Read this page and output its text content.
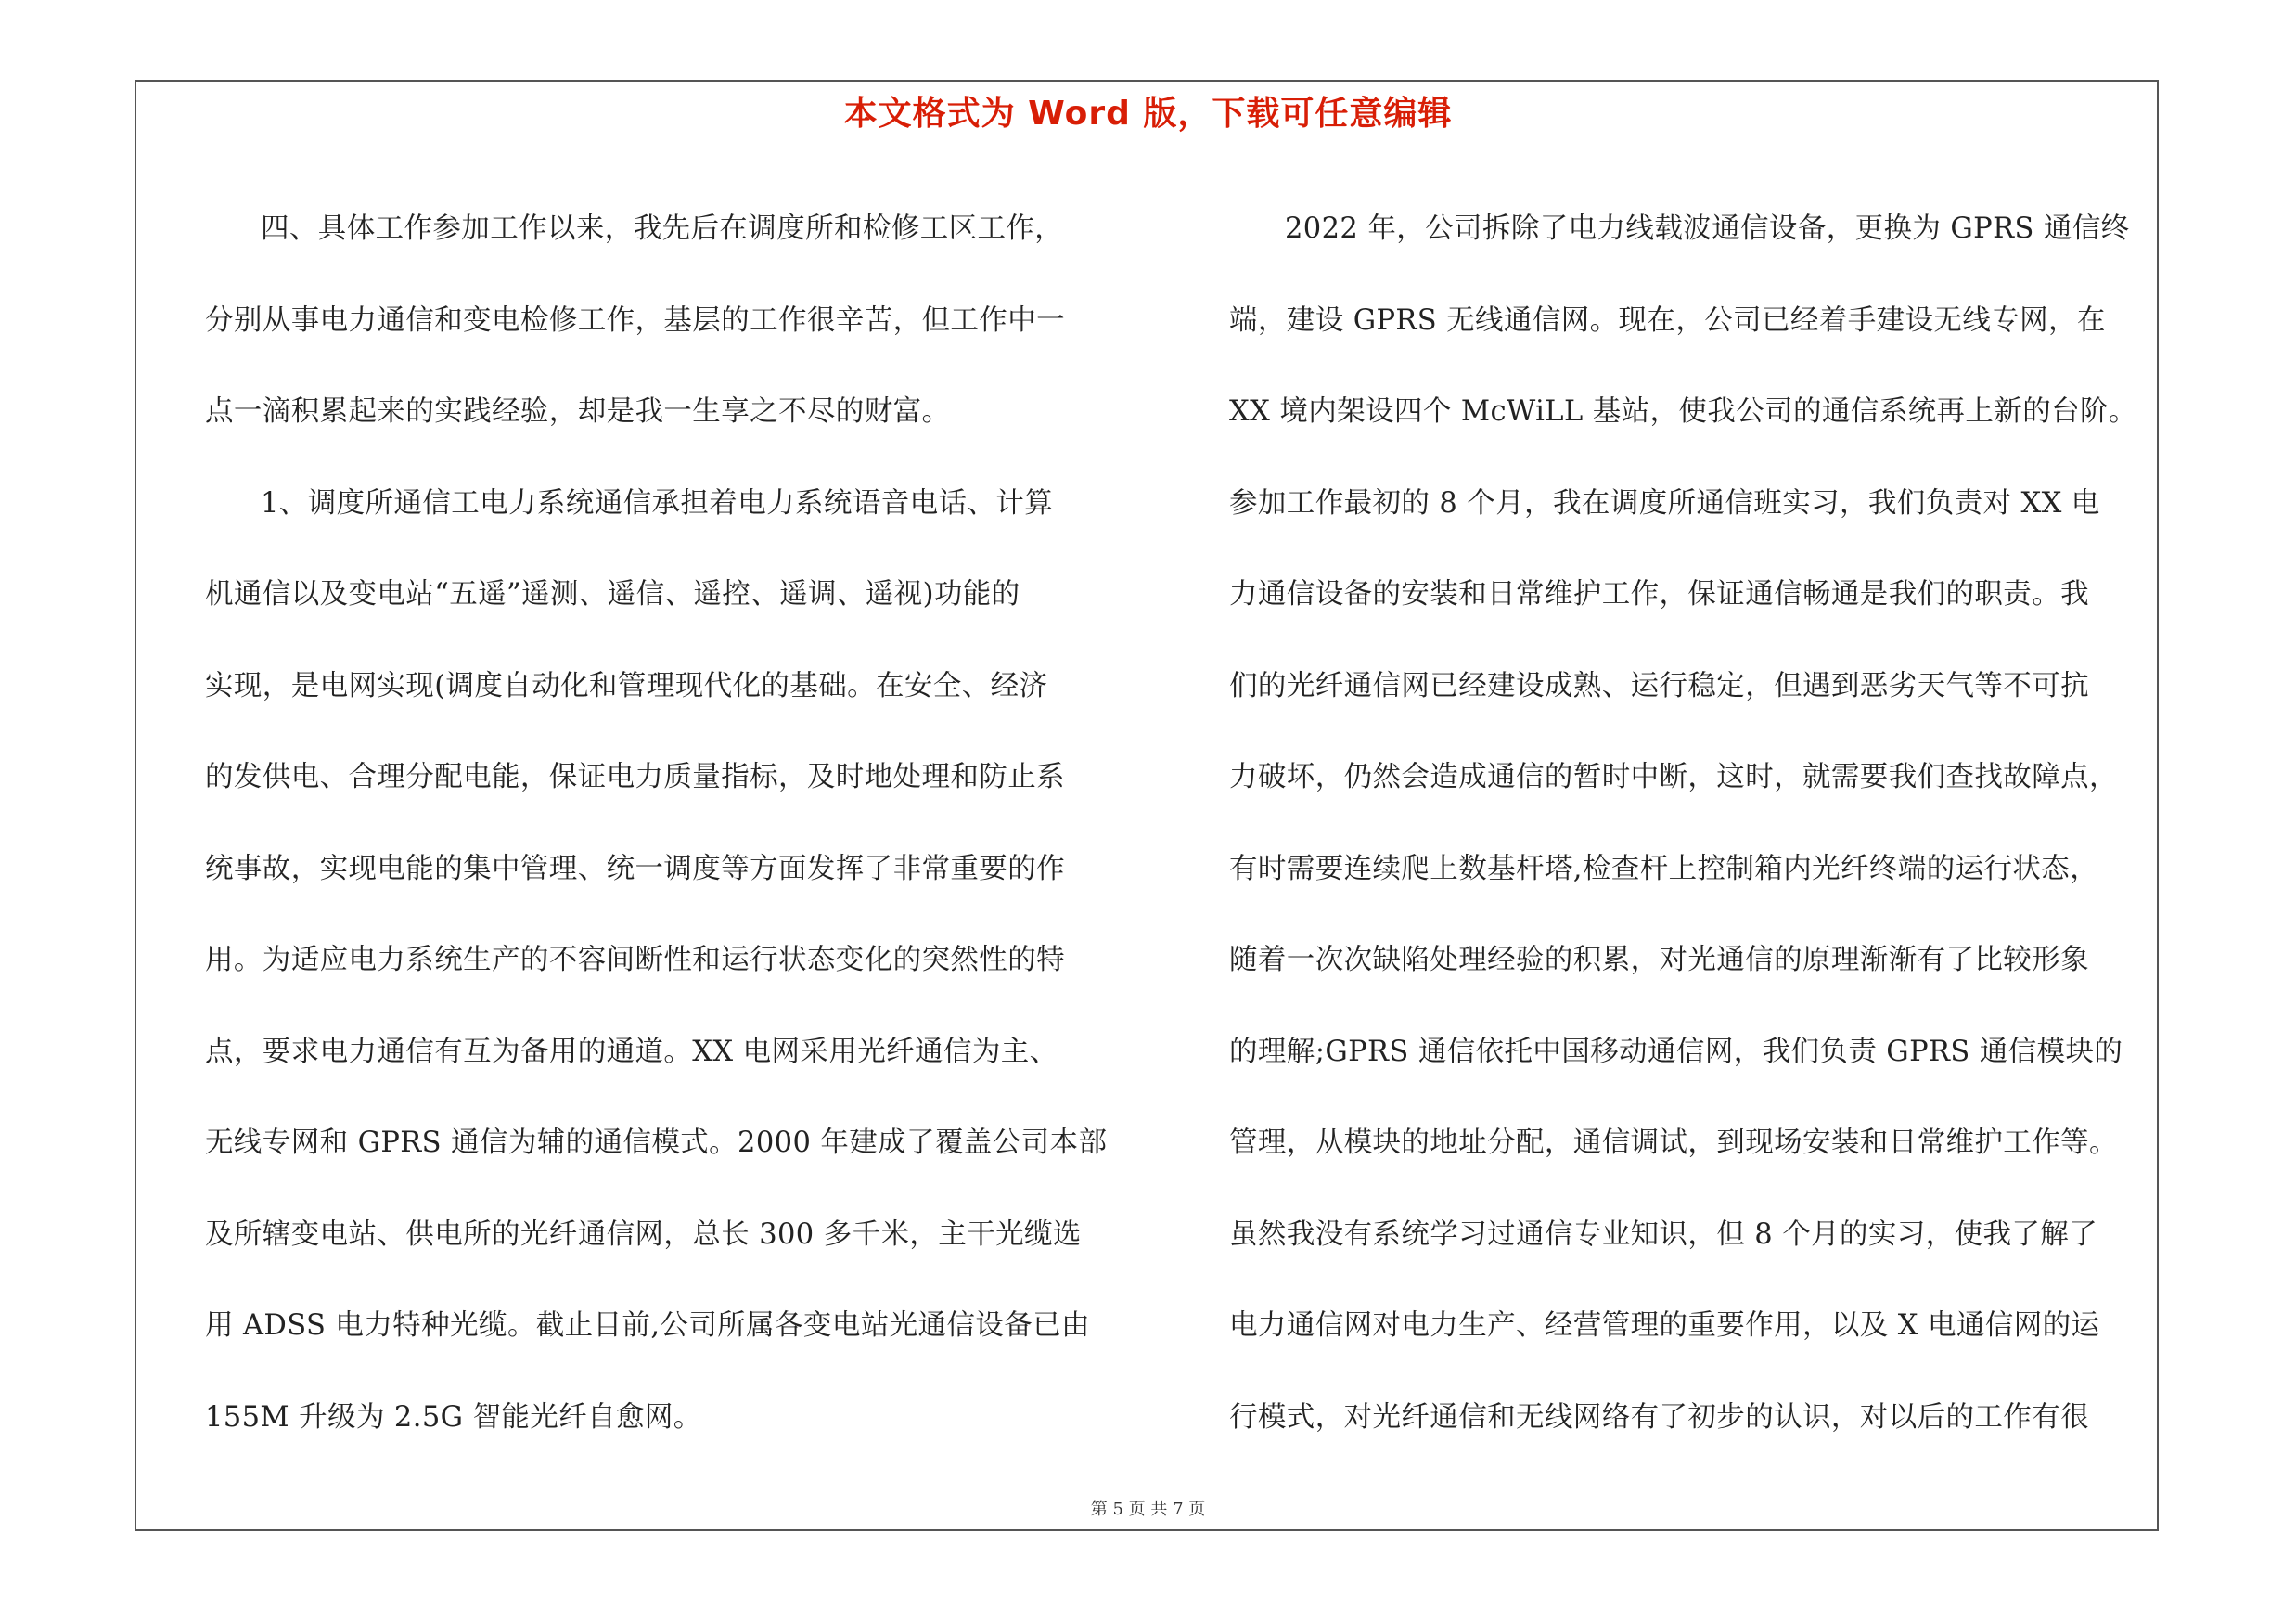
本文格式为 Word 版，下载可任意编辑
四、具体工作参加工作以来，我先后在调度所和检修工区工作，
分别从事电力通信和变电检修工作，基层的工作很辛苦，但工作中一
点一滴积累起来的实践经验，却是我一生享之不尽的财富。
1、调度所通信工电力系统通信承担着电力系统语音电话、计算
机通信以及变电站“五遥”遥测、遥信、遥控、遥调、遥视)功能的
实现，是电网实现(调度自动化和管理现代化的基础。在安全、经济
的发供电、合理分配电能，保证电力质量指标，及时地处理和防止系
统事故，实现电能的集中管理、统一调度等方面发挥了非常重要的作
用。为适应电力系统生产的不容间断性和运行状态变化的突然性的特
点，要求电力通信有互为备用的通道。XX 电网采用光纤通信为主、
无线专网和 GPRS 通信为辅的通信模式。2000 年建成了覆盖公司本部
及所辖变电站、供电所的光纤通信网，总长 300 多千米，主干光缆选
用 ADSS 电力特种光缆。截止目前,公司所属各变电站光通信设备已由
155M 升级为 2.5G 智能光纤自愈网。
2022 年，公司拆除了电力线载波通信设备，更换为 GPRS 通信终
端，建设 GPRS 无线通信网。现在，公司已经着手建设无线专网，在
XX 境内架设四个 McWiLL 基站，使我公司的通信系统再上新的台阶。
参加工作最初的 8 个月，我在调度所通信班实习，我们负责对 XX 电
力通信设备的安装和日常维护工作，保证通信畅通是我们的职责。我
们的光纤通信网已经建设成熟、运行稳定，但遇到恶劣天气等不可抗
力破坏，仍然会造成通信的暂时中断，这时，就需要我们查找故障点，
有时需要连续爬上数基杆塔,检查杆上控制箱内光纤终端的运行状态，
随着一次次缺陷处理经验的积累，对光通信的原理渐渐有了比较形象
的理解;GPRS 通信依托中国移动通信网，我们负责 GPRS 通信模块的
管理，从模块的地址分配，通信调试，到现场安装和日常维护工作等。
虽然我没有系统学习过通信专业知识，但 8 个月的实习，使我了解了
电力通信网对电力生产、经营管理的重要作用，以及 X 电通信网的运
行模式，对光纤通信和无线网络有了初步的认识，对以后的工作有很
第 5 页 共 7 页
